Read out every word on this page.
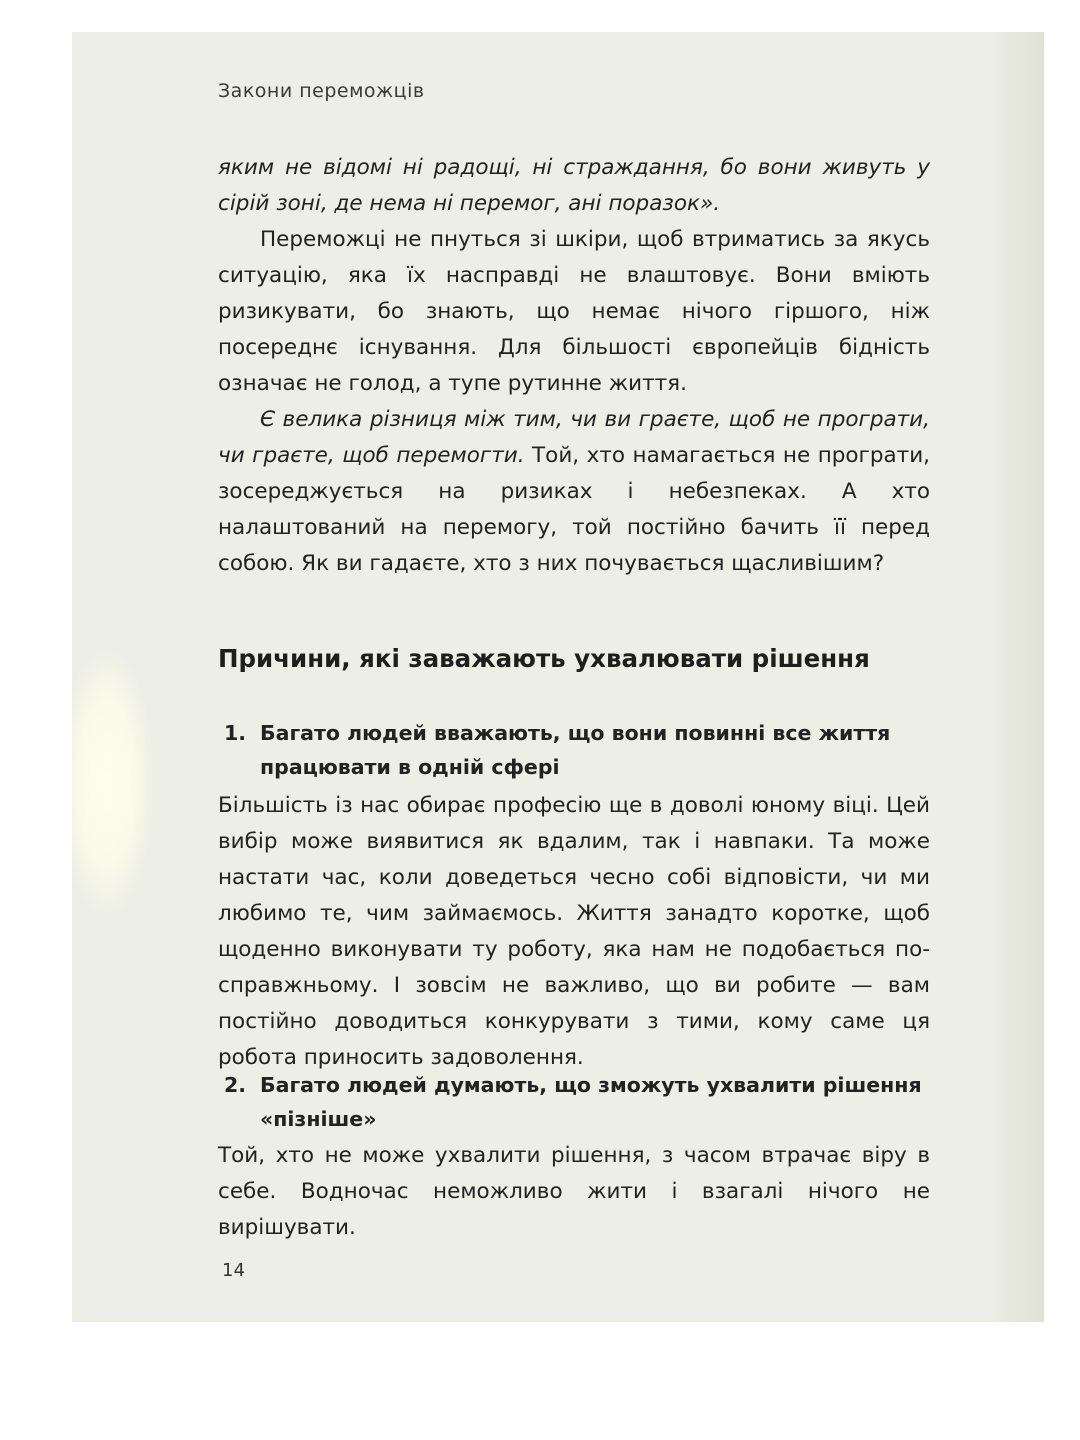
Закони переможців

яким не відомі ні радощі, ні страждання, бо вони живуть у сірій зоні, де нема ні перемог, ані поразок».

Переможці не пнуться зі шкіри, щоб втриматись за якусь ситуацію, яка їх насправді не влаштовує. Вони вміють ризикувати, бо знають, що немає нічого гіршого, ніж посереднє існування. Для більшості європейців бідність означає не голод, а тупе рутинне життя.

Є велика різниця між тим, чи ви граєте, щоб не програти, чи граєте, щоб перемогти. Той, хто намагається не програти, зосереджується на ризиках і небезпеках. А хто налаштований на перемогу, той постійно бачить її перед собою. Як ви гадаєте, хто з них почувається щасливішим?

Причини, які заважають ухвалювати рішення
1. Багато людей вважають, що вони повинні все життя працювати в одній сфері

Більшість із нас обирає професію ще в доволі юному віці. Цей вибір може виявитися як вдалим, так і навпаки. Та може настати час, коли доведеться чесно собі відповісти, чи ми любимо те, чим займаємось. Життя занадто коротке, щоб щоденно виконувати ту роботу, яка нам не подобається по-справжньому. І зовсім не важливо, що ви робите — вам постійно доводиться конкурувати з тими, кому саме ця робота приносить задоволення.

2. Багато людей думають, що зможуть ухвалити рішення «пізніше»

Той, хто не може ухвалити рішення, з часом втрачає віру в себе. Водночас неможливо жити і взагалі нічого не вирішувати.

14
